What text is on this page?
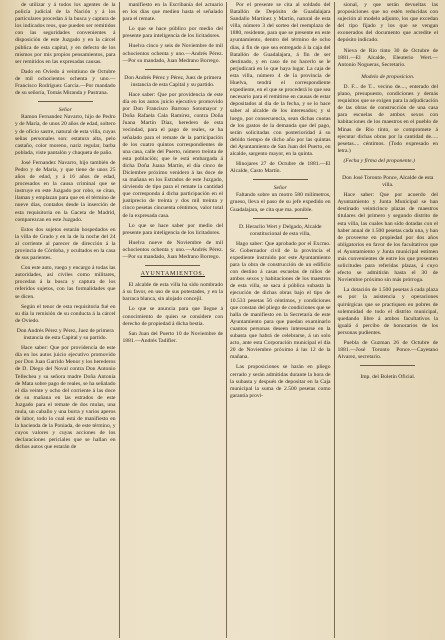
de utilizar y á todos los agentes de la policía judicial de la Nación y á los particulares procedan á la busca y captura de los indicados reos, que pueden ser remitidos con las seguridades convenientes á disposición de este Juzgado y en la cárcel pública de esta capital, y en defecto de los mismos por mis propios pensamientos, para ser remitidos en las expresadas causas.

Dado en Oviedo á veintiuno de Octubre de mil ochocientos ochenta y uno.—Francisco Rodríguez García.—Por mandado de su señoría, Tomás Miranda y Pastrana.

Señor

Ramon Fernandez Navarro, hijo de Pedro y de María, de unos 20 años de edad, soltero y de oficio sastre, natural de esta villa, cuyas señas personales son: estatura alta, pelo castaño, color moreno, nariz regular, barba poblada, viste pantalón y chaqueta de paño.

José Fernandez Navarro, hijo también de Pedro y de María, y que tiene de unos 25 años de edad, y á 16 años de edad, procesados en la causa criminal que se instruye en este Juzgado por robo, se citan, llaman y emplazan para que en el término de nueve días, contados desde la inserción de esta requisitoria en la Gaceta de Madrid, comparezcan en este Juzgado.

Estos dos sujetos estarán hospedados en la villa de Grado y en la de la noche del 24 al corriente al parecer de dirección á la provincia de Córdoba, y ocultados en la casa de sus parientes.

Con este auto, ruego y encargo á todas las autoridades, así civiles como militares, procedan á la busca y captura de los referidos sujetos, con las formalidades que se dicen.

Según el tenor de esta requisitoria fué en su día la remisión de su conducta á la cárcel de Oviedo.

Don Andrés Pérez y Pérez, Juez de primera instancia de esta Capital y su partido.

Hace saber: Que por providencia de este día en los autos juicio ejecutivo promovido por Don Juan Garrido Menor y los herederos de D. Diego del Noval contra Don Antonio Tellechea y su señora madre Doña Antonia de Mata sobre pago de reales, se ha señalado el día veinte y ocho del corriente á las doce de su mañana en las estrados de este Juzgado para el remate de dos mulas, una mula, un caballo y una burra y varios aperos de labor, todo lo cual está de manifiesto en la hacienda de la Poniada, de este término, y cuyos valores y cuyas acciones de los declaraciones periciales que se hallan en dichos autos que estarán de

manifiesto en la Escribanía del actuario en los días que medien hasta el señalado para el remate.

Lo que se hace público por medio del presente para inteligencia de los licitadores.

Huelva cinco y seis de Noviembre de mil ochocientos ochenta y uno.—Andrés Pérez.—Por su mandado, Juan Medrano Borrego.

Don Andrés Pérez y Pérez, Juez de primera instancia de esta Capital y su partido.

Hace saber: Que por providencia de este día en los autos juicio ejecutivo promovido por Don Francisco Barroso Sotomayor y Doña Rafaela Cala Ramírez, contra Doña Juana Martín Díaz, heredero de esta vecindad, para el pago de reales, se ha señalado para el remate de la participación de los cuatro quintos correspondientes de una casa, calle del Puerto, número treinta de esta población; que le está embargada á dicha Doña Juana Martín, el día cinco de Diciembre próximo venidero á las doce de su mañana en los Estrados de este Juzgado, sirviendo de tipo para el remate la cantidad que corresponda á dicha participación en el justiprecio de treinta y dos mil treinta y cinco pesetas cincuenta céntimos, valor total de la expresada casa.

Lo que se hace saber por medio del presente para inteligencia de los licitadores.

Huelva nueve de Noviembre de mil ochocientos ochenta y uno.—Andrés Pérez.—Por su mandado, Juan Medrano Borrego.

AYUNTAMIENTOS.

El alcalde de esta villa ha sido nombrado á su favor, en uso de sus potestades, y en la barraca blanca, sin alojado concejil.

Lo que se anuncia para que llegue á conocimiento de quien se considere con derecho de propiedad á dicha bestia.

San Juan del Puerto 10 de Noviembre de 1881.—Andrés Tadifier.

Por el presente se cita al soldado del Batallón de Depósito de Guadalajara Sandalio Martínez y Martín, natural de esta villa, número 3 del sorteo del reemplazo de 1880, residente, para que se presente en este ayuntamiento, dentro del término de ocho días, á fin de que sea entregado á la caja del Batallón de Guadalajara, á fin de ser destinado, y en caso de no hacerlo se le perjudicará en lo que haya lugar. La caja de esta villa, número 4 de la provincia de Huelva, tendrá el correspondiente expediente, en el que se procederá lo que sea necesario para el remitirse en causas de estar depositados al día de la fecha, y se lo hace saber al alcalde de los interesados; y si luego, por consecuencia, sean dichas cuotas de los gastos de la demanda que del pago, serán solicitadas con posterioridad á su debido tiempo de dicho año por las quintas del Ayuntamiento de San Juan del Puerto, en alcalde, sargento mayor, en la quinta.

Hinojares 27 de Octubre de 1881.—El Alcalde, Casto Martín.

Señor

Faltando sobre un motro 580 milímetros, grueso, lleva el paso de su jefe expedido en Guadalajara, se cita que ma. ponible.

D. Heraclio Wert y Delgado, Alcalde constitucional de esta villa,

Hago saber: Que aprobado por el Excmo. Sr. Gobernador civil de la provincia el expediente instruido por este Ayuntamiento para la obra de construcción de un edificio con destino á casas escuelas de niños de ambos sexos y habitaciones de los maestros de esta villa, se saca á pública subasta la ejecución de dichas obras bajo el tipo de 10.533 pesetas 56 céntimos, y condiciones que constan del pliego de condiciones que se halla de manifiesto en la Secretaría de este Ayuntamiento para que puedan examinarlo cuantos personas deseen interesarse en la subasta que habrá de celebrarse, á un solo acto, ante esta Corporación municipal el día 20 de Noviembre próximo á las 12 de la mañana.

Las proposiciones se harán en pliego cerrado y serán admitidas durante la hora de la subasta y después de depositar en la Caja municipal la suma de 2.500 pesetas como garantía provi-

sional, y que serán devueltas las proposiciones que no estén reducidas con sujeción al modelo adjunto, los que excedan del tipo fijado y los que se vengan exonerados del documento que acredite el depósito indicado.

Nieva de Rio tinto 30 de Octubre de 1881.—El Alcalde, Eleuterio Wert.—Antonio Nogueras, Secretario.

Modelo de proposicion.

D. F... de T... vecino de...., enterado del plano, presupuesto, condiciones y demás requisitos que se exigen para la adjudicación de las obras de construcción de una casa para escuelas de ambos sexos con habitaciones de los maestros en el pueblo de Minas de Rio tinto, se compromete á ejecutar dichas obras por la cantidad de..... pesetas.... céntimos. (Todo expresado en letra.)

(Fecha y firma del proponente.)

Don José Toronto Ponce, Alcalde de esta villa.

Hace saber: Que por acuerdo del Ayuntamiento y Junta Municipal se han destinado veinticinco plazas de maestros titulares del primero y segundo distrito de esta villa, las cuales han sido dotadas con el haber anual de 1.500 pesetas cada una, y han de proveerse en propiedad por dos años obligatorios en favor de los facultativos que el Ayuntamiento y Junta municipal estimen más convenientes de entre los que presenten solicitudes para referidas plazas, á cuyo efecto se admitirán hasta el 30 de Noviembre próximo sin más prórroga.

La dotación de 1.500 pesetas á cada plaza es por la asistencia y operaciones quirúrgicas que se practiquen en pobres de solemnidad de todo el distrito municipal, quedando libre á ambos facultativos la igualá ó percibo de honorarios de los personas pudientes.

Puebla de Guzman 26 de Octubre de 1881.—José Toronto Ponce.—Cayetano Alvarez, secretario.

Imp. del Boletín Oficial.
